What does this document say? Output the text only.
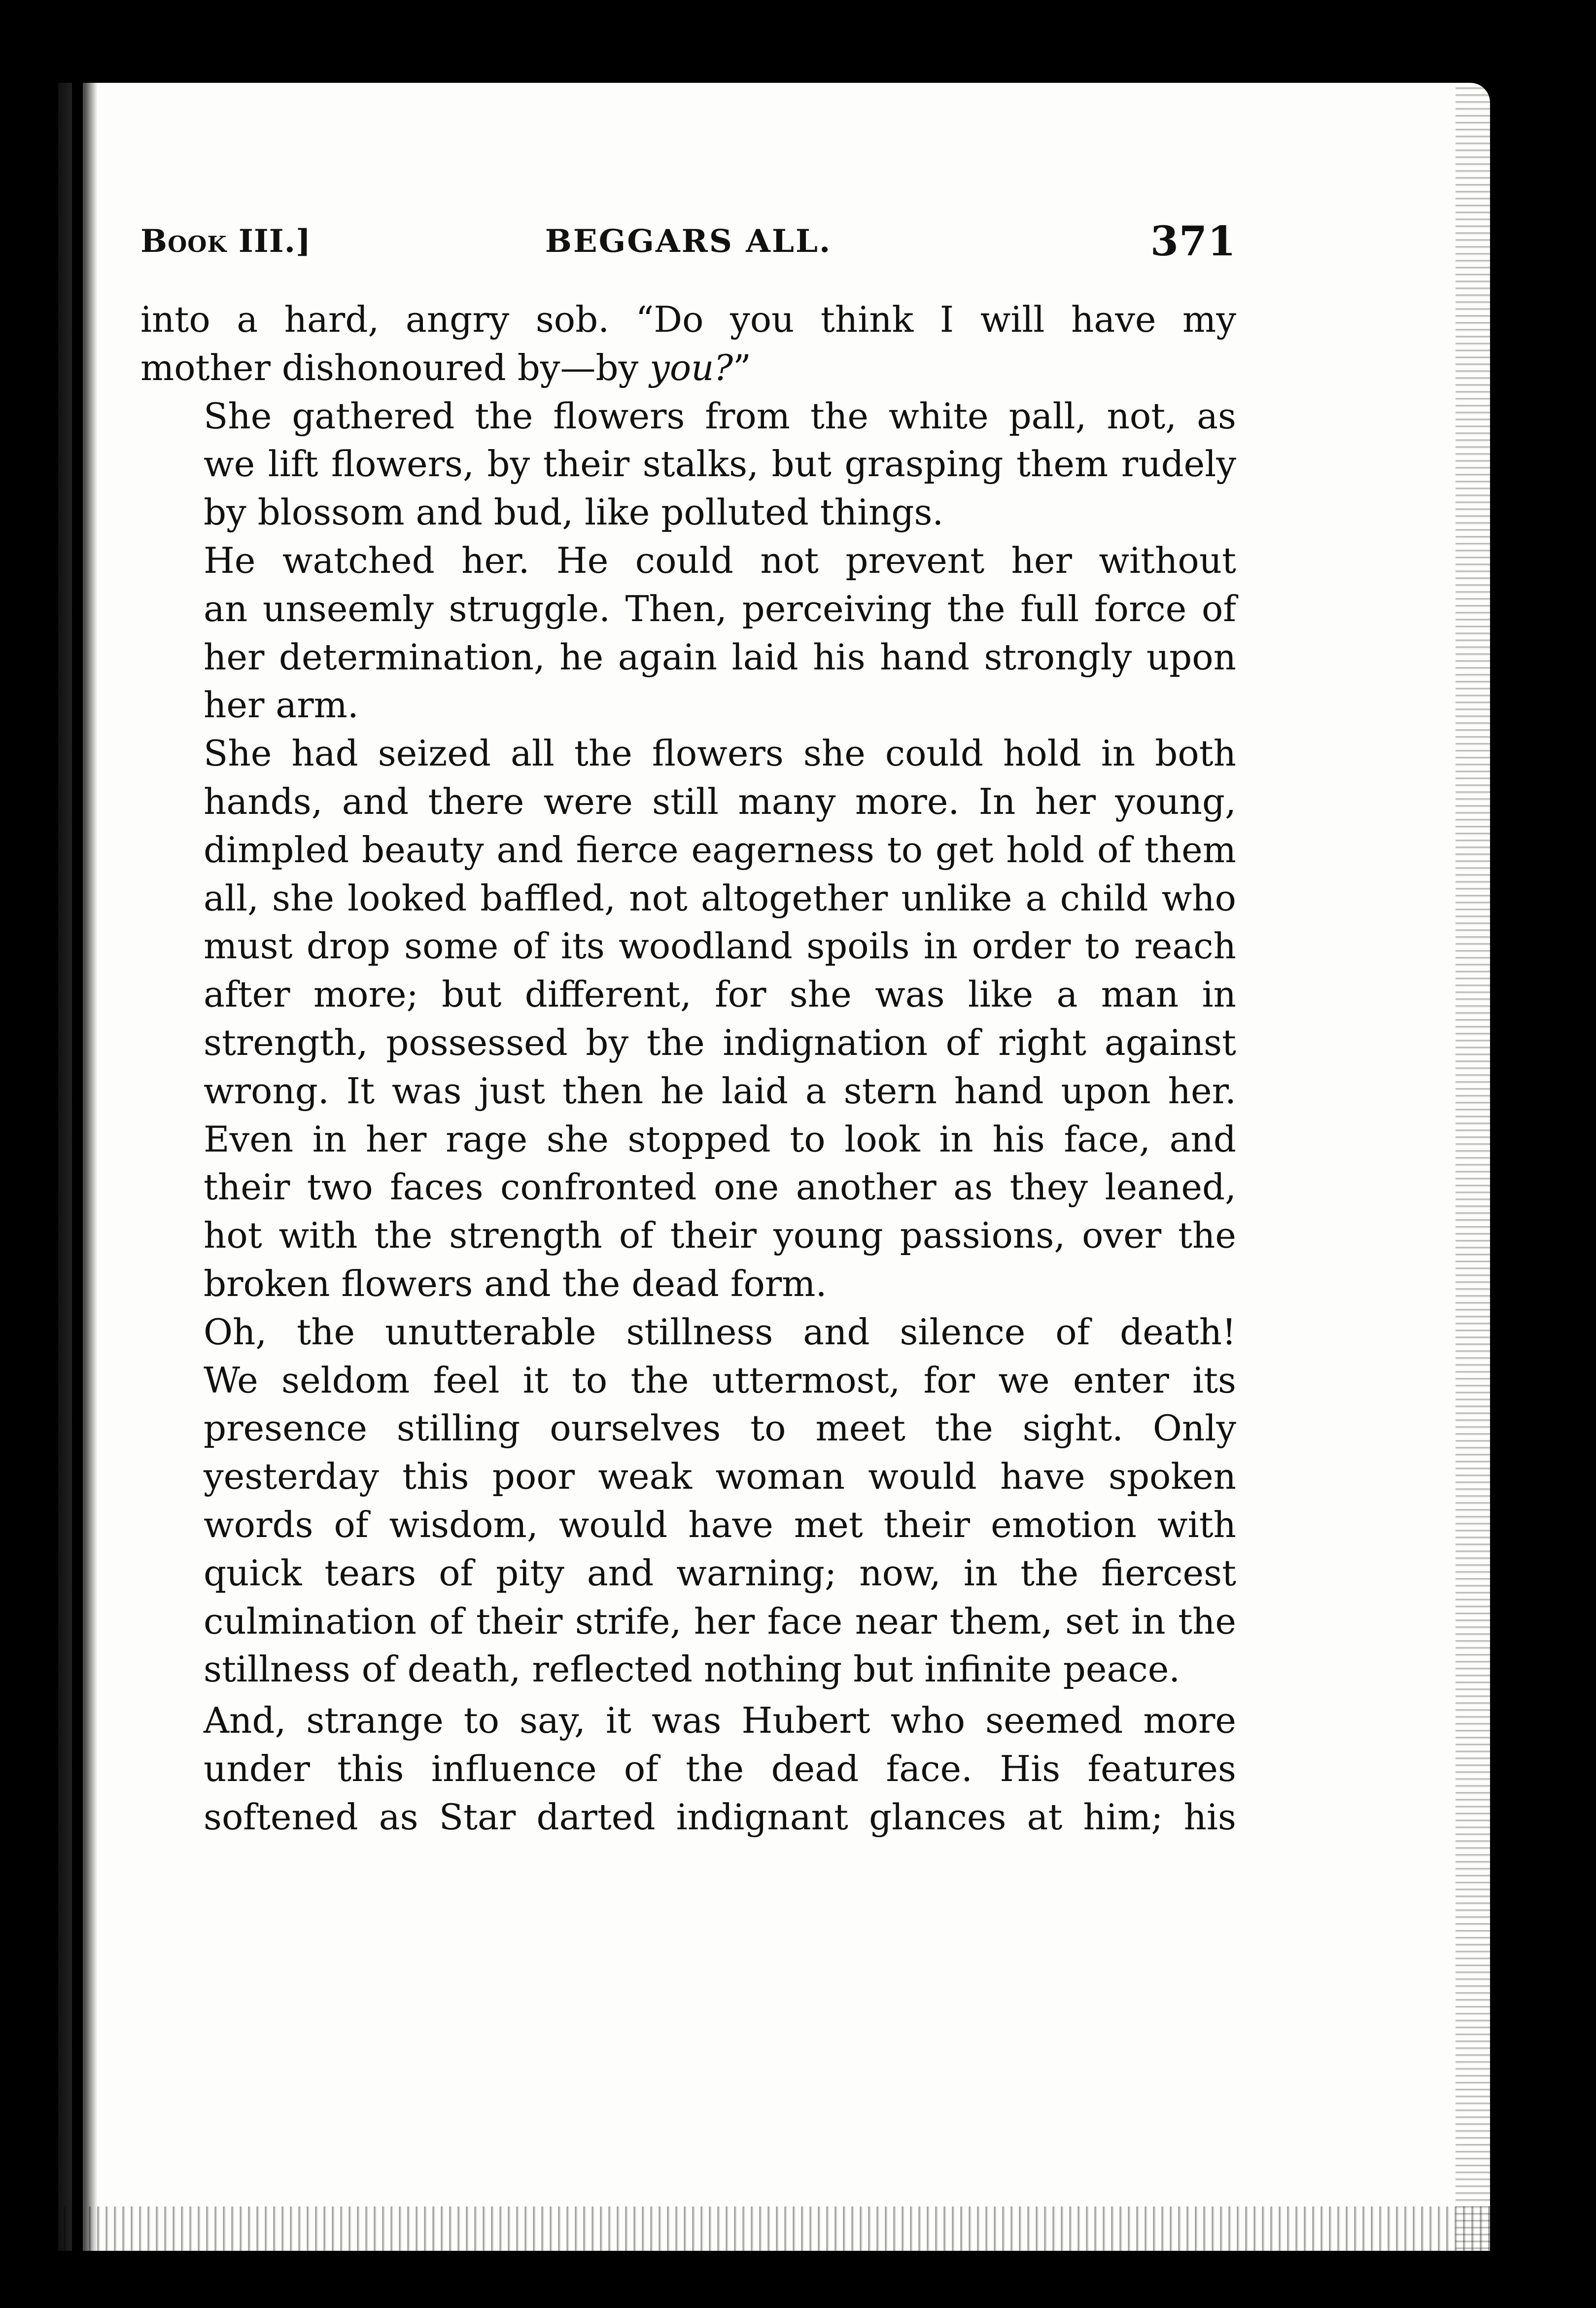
Book III.]	BEGGARS ALL.	371

into a hard, angry sob. “Do you think I will have my
mother dishonoured by—by you?”

She gathered the flowers from the white pall, not, as
we lift flowers, by their stalks, but grasping them rudely
by blossom and bud, like polluted things.

He watched her. He could not prevent her without
an unseemly struggle. Then, perceiving the full force of
her determination, he again laid his hand strongly upon
her arm.

She had seized all the flowers she could hold in both
hands, and there were still many more. In her young,
dimpled beauty and fierce eagerness to get hold of them
all, she looked baffled, not altogether unlike a child who
must drop some of its woodland spoils in order to reach
after more; but different, for she was like a man in
strength, possessed by the indignation of right against
wrong. It was just then he laid a stern hand upon her.
Even in her rage she stopped to look in his face, and
their two faces confronted one another as they leaned,
hot with the strength of their young passions, over the
broken flowers and the dead form.

Oh, the unutterable stillness and silence of death!
We seldom feel it to the uttermost, for we enter its
presence stilling ourselves to meet the sight. Only
yesterday this poor weak woman would have spoken
words of wisdom, would have met their emotion with
quick tears of pity and warning; now, in the fiercest
culmination of their strife, her face near them, set in the
stillness of death, reflected nothing but infinite peace.

And, strange to say, it was Hubert who seemed more
under this influence of the dead face. His features
softened as Star darted indignant glances at him; his
